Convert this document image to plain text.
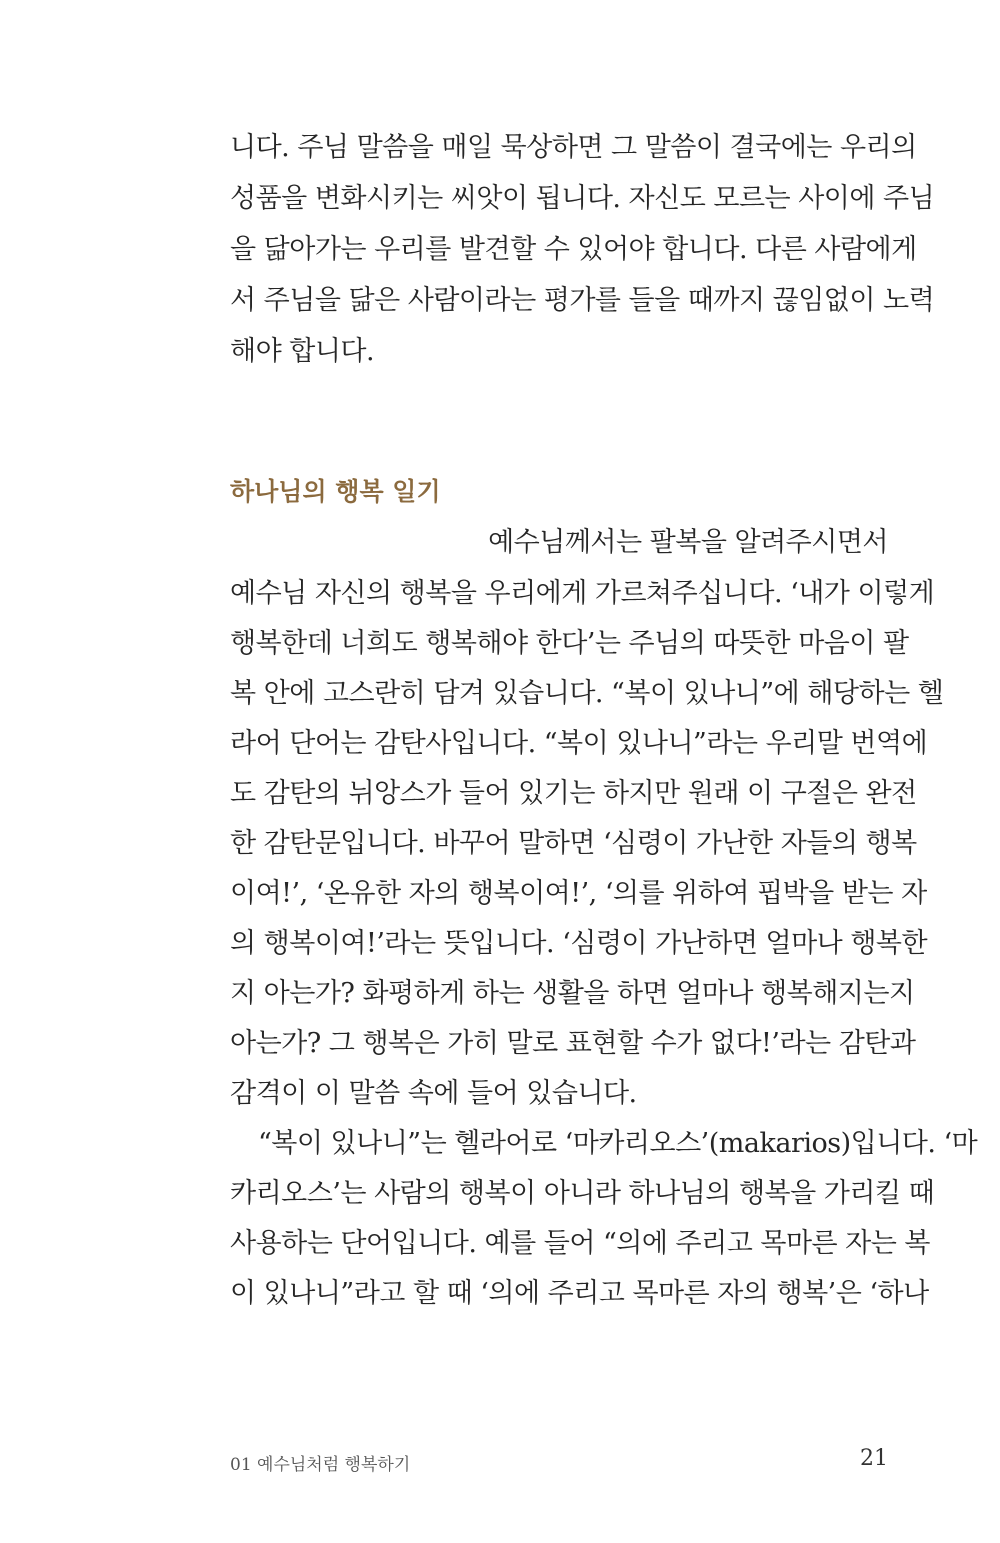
니다. 주님 말씀을 매일 묵상하면 그 말씀이 결국에는 우리의
성품을 변화시키는 씨앗이 됩니다. 자신도 모르는 사이에 주님
을 닮아가는 우리를 발견할 수 있어야 합니다. 다른 사람에게
서 주님을 닮은 사람이라는 평가를 들을 때까지 끊임없이 노력
해야 합니다.
하나님의 행복 일기
예수님께서는 팔복을 알려주시면서
예수님 자신의 행복을 우리에게 가르쳐주십니다. ‘내가 이렇게
행복한데 너희도 행복해야 한다’는 주님의 따뜻한 마음이 팔
복 안에 고스란히 담겨 있습니다. “복이 있나니”에 해당하는 헬
라어 단어는 감탄사입니다. “복이 있나니”라는 우리말 번역에
도 감탄의 뉘앙스가 들어 있기는 하지만 원래 이 구절은 완전
한 감탄문입니다. 바꾸어 말하면 ‘심령이 가난한 자들의 행복
이여!’, ‘온유한 자의 행복이여!’, ‘의를 위하여 핍박을 받는 자
의 행복이여!’라는 뜻입니다. ‘심령이 가난하면 얼마나 행복한
지 아는가? 화평하게 하는 생활을 하면 얼마나 행복해지는지
아는가? 그 행복은 가히 말로 표현할 수가 없다!’라는 감탄과
감격이 이 말씀 속에 들어 있습니다.
“복이 있나니”는 헬라어로 ‘마카리오스’(makarios)입니다. ‘마
카리오스’는 사람의 행복이 아니라 하나님의 행복을 가리킬 때
사용하는 단어입니다. 예를 들어 “의에 주리고 목마른 자는 복
이 있나니”라고 할 때 ‘의에 주리고 목마른 자의 행복’은 ‘하나
01 예수님처럼 행복하기	21
